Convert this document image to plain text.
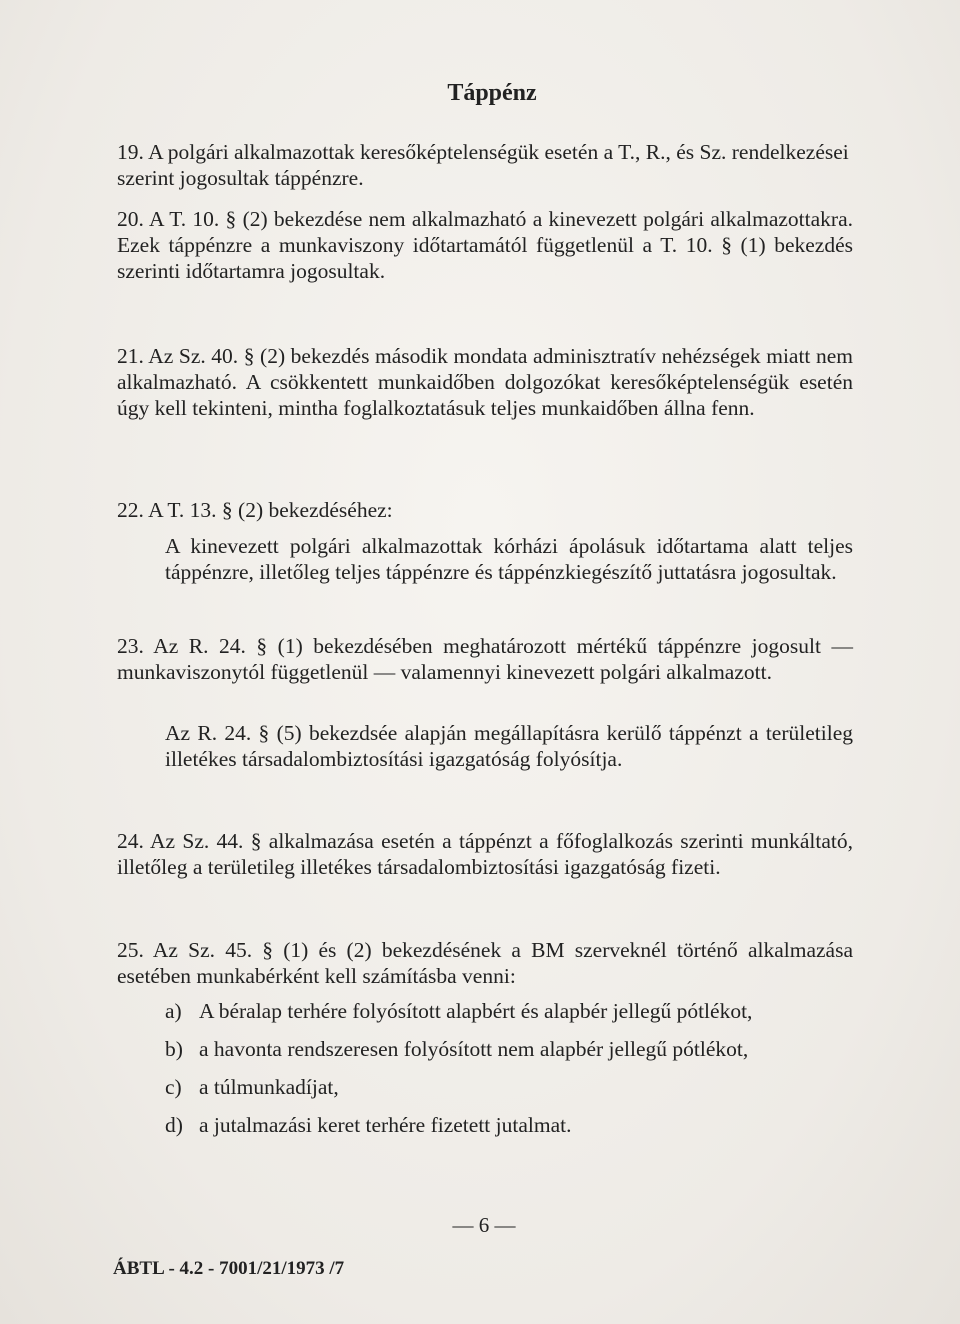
Táppénz

19. A polgári alkalmazottak keresőképtelenségük esetén a T., R., és Sz. rendelkezései szerint jogosultak táppénzre.

20. A T. 10. § (2) bekezdése nem alkalmazható a kinevezett polgári alkalmazottakra. Ezek táppénzre a munkaviszony időtartamától függetlenül a T. 10. § (1) bekezdés szerinti időtartamra jogosultak.

21. Az Sz. 40. § (2) bekezdés második mondata adminisztratív nehézségek miatt nem alkalmazható. A csökkentett munkaidőben dolgozókat keresőképtelenségük esetén úgy kell tekinteni, mintha foglalkoztatásuk teljes munkaidőben állna fenn.

22. A T. 13. § (2) bekezdéséhez:

A kinevezett polgári alkalmazottak kórházi ápolásuk időtartama alatt teljes táppénzre, illetőleg teljes táppénzre és táppénzkiegészítő juttatásra jogosultak.

23. Az R. 24. § (1) bekezdésében meghatározott mértékű táppénzre jogosult — munkaviszonytól függetlenül — valamennyi kinevezett polgári alkalmazott.

Az R. 24. § (5) bekezdsée alapján megállapításra kerülő táppénzt a területileg illetékes társadalombiztosítási igazgatóság folyósítja.

24. Az Sz. 44. § alkalmazása esetén a táppénzt a főfoglalkozás szerinti munkáltató, illetőleg a területileg illetékes társadalombiztosítási igazgatóság fizeti.

25. Az Sz. 45. § (1) és (2) bekezdésének a BM szerveknél történő alkalmazása esetében munkabérként kell számításba venni:

a) A béralap terhére folyósított alapbért és alapbér jellegű pótlékot,
b) a havonta rendszeresen folyósított nem alapbér jellegű pótlékot,
c) a túlmunkadíjat,
d) a jutalmazási keret terhére fizetett jutalmat.
— 6 —
ÁBTL - 4.2 - 7001/21/1973 /7
